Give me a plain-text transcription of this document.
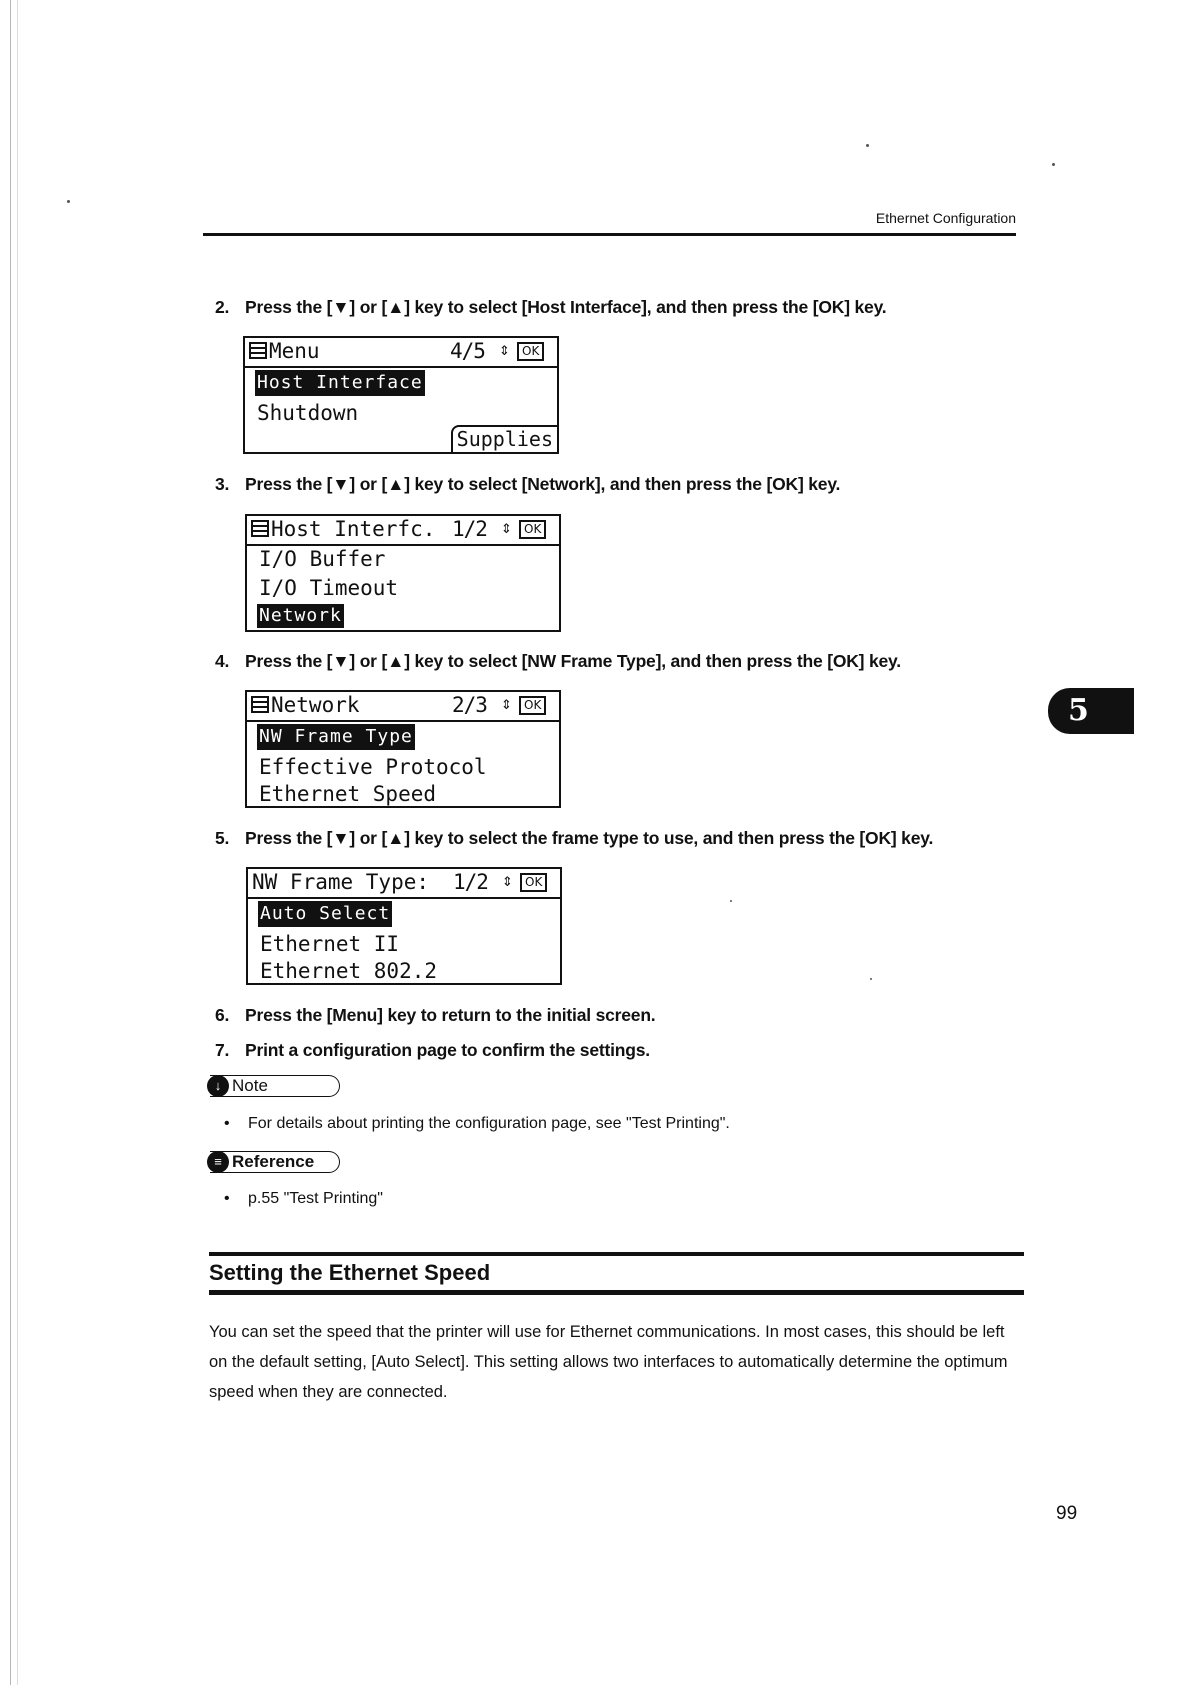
Ethernet Configuration
2. Press the [▼] or [▲] key to select [Host Interface], and then press the [OK] key.
Menu	4/5 ⇕	OK
Host Interface
Shutdown
Supplies
3. Press the [▼] or [▲] key to select [Network], and then press the [OK] key.
Host Interfc. 1/2 ⇕	OK
I/O Buffer
I/O Timeout
Network
4. Press the [▼] or [▲] key to select [NW Frame Type], and then press the [OK] key.
Network	2/3 ⇕	OK
NW Frame Type
Effective Protocol
Ethernet Speed
5
5. Press the [▼] or [▲] key to select the frame type to use, and then press the [OK] key.
NW Frame Type: 1/2 ⇕	OK
Auto Select
Ethernet II
Ethernet 802.2
6. Press the [Menu] key to return to the initial screen.
7. Print a configuration page to confirm the settings.
↓ Note
• For details about printing the configuration page, see "Test Printing".
≡ Reference
• p.55 "Test Printing"
Setting the Ethernet Speed
You can set the speed that the printer will use for Ethernet communications. In most cases, this should be left on the default setting, [Auto Select]. This setting allows two interfaces to automatically determine the optimum speed when they are connected.
99
